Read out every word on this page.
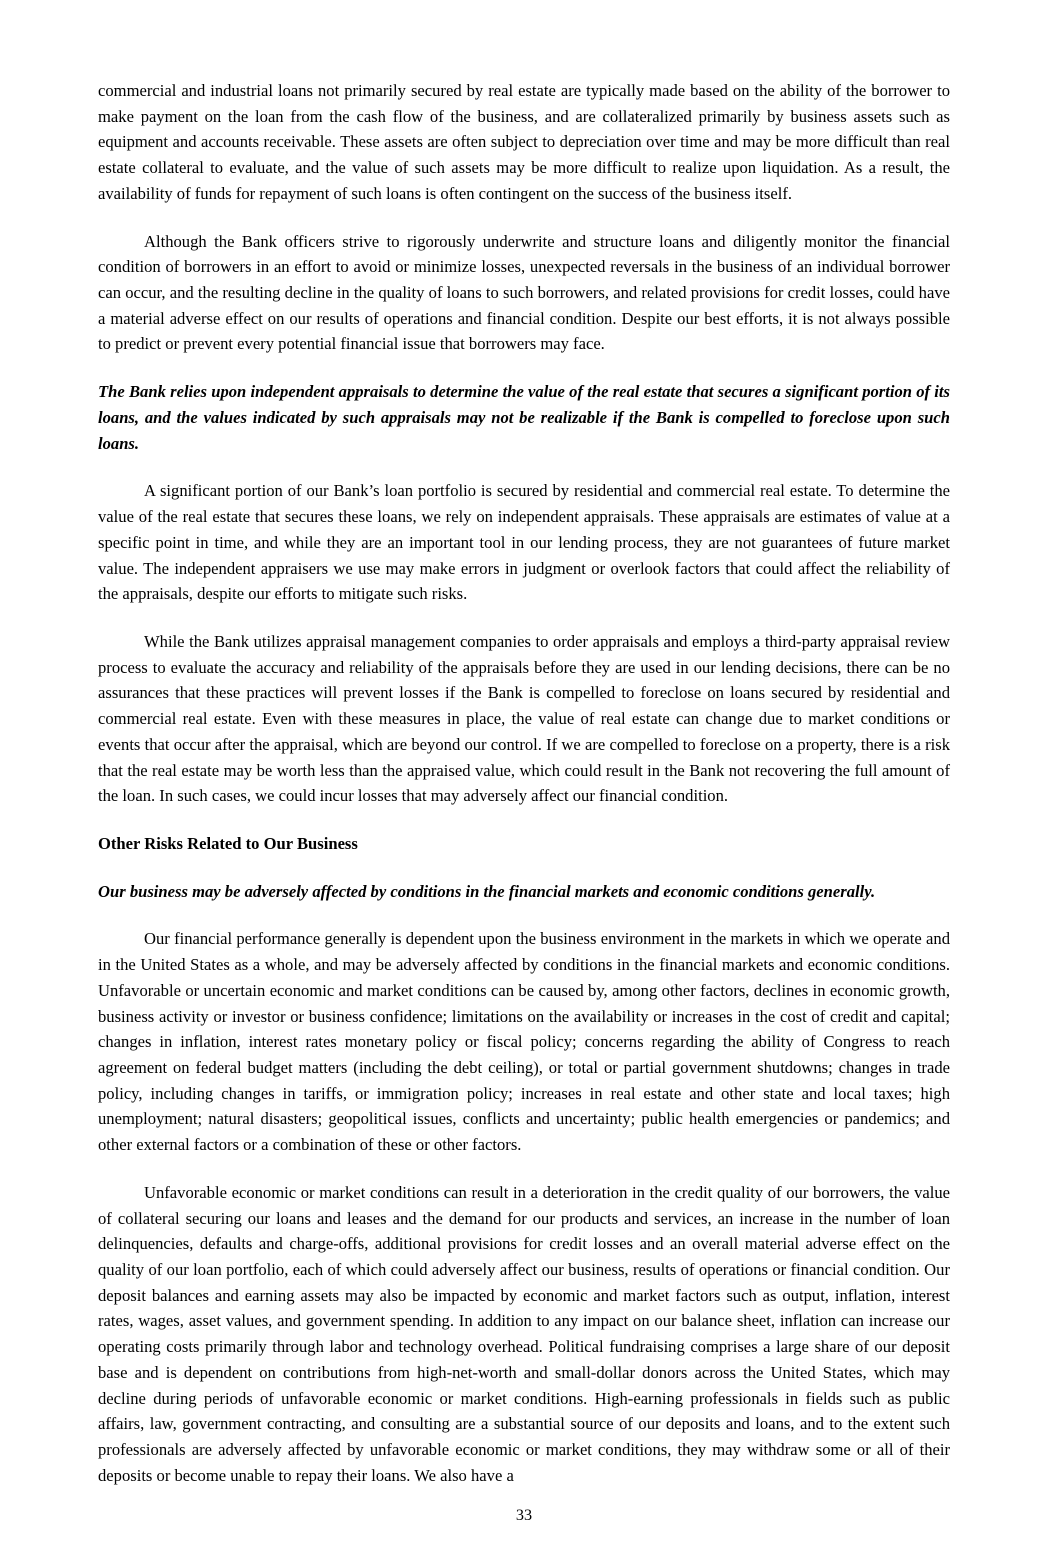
commercial and industrial loans not primarily secured by real estate are typically made based on the ability of the borrower to make payment on the loan from the cash flow of the business, and are collateralized primarily by business assets such as equipment and accounts receivable. These assets are often subject to depreciation over time and may be more difficult than real estate collateral to evaluate, and the value of such assets may be more difficult to realize upon liquidation. As a result, the availability of funds for repayment of such loans is often contingent on the success of the business itself.

Although the Bank officers strive to rigorously underwrite and structure loans and diligently monitor the financial condition of borrowers in an effort to avoid or minimize losses, unexpected reversals in the business of an individual borrower can occur, and the resulting decline in the quality of loans to such borrowers, and related provisions for credit losses, could have a material adverse effect on our results of operations and financial condition. Despite our best efforts, it is not always possible to predict or prevent every potential financial issue that borrowers may face.

The Bank relies upon independent appraisals to determine the value of the real estate that secures a significant portion of its loans, and the values indicated by such appraisals may not be realizable if the Bank is compelled to foreclose upon such loans.

A significant portion of our Bank’s loan portfolio is secured by residential and commercial real estate. To determine the value of the real estate that secures these loans, we rely on independent appraisals. These appraisals are estimates of value at a specific point in time, and while they are an important tool in our lending process, they are not guarantees of future market value. The independent appraisers we use may make errors in judgment or overlook factors that could affect the reliability of the appraisals, despite our efforts to mitigate such risks.

While the Bank utilizes appraisal management companies to order appraisals and employs a third-party appraisal review process to evaluate the accuracy and reliability of the appraisals before they are used in our lending decisions, there can be no assurances that these practices will prevent losses if the Bank is compelled to foreclose on loans secured by residential and commercial real estate. Even with these measures in place, the value of real estate can change due to market conditions or events that occur after the appraisal, which are beyond our control. If we are compelled to foreclose on a property, there is a risk that the real estate may be worth less than the appraised value, which could result in the Bank not recovering the full amount of the loan. In such cases, we could incur losses that may adversely affect our financial condition.

Other Risks Related to Our Business

Our business may be adversely affected by conditions in the financial markets and economic conditions generally.

Our financial performance generally is dependent upon the business environment in the markets in which we operate and in the United States as a whole, and may be adversely affected by conditions in the financial markets and economic conditions. Unfavorable or uncertain economic and market conditions can be caused by, among other factors, declines in economic growth, business activity or investor or business confidence; limitations on the availability or increases in the cost of credit and capital; changes in inflation, interest rates monetary policy or fiscal policy; concerns regarding the ability of Congress to reach agreement on federal budget matters (including the debt ceiling), or total or partial government shutdowns; changes in trade policy, including changes in tariffs, or immigration policy; increases in real estate and other state and local taxes; high unemployment; natural disasters; geopolitical issues, conflicts and uncertainty; public health emergencies or pandemics; and other external factors or a combination of these or other factors.

Unfavorable economic or market conditions can result in a deterioration in the credit quality of our borrowers, the value of collateral securing our loans and leases and the demand for our products and services, an increase in the number of loan delinquencies, defaults and charge-offs, additional provisions for credit losses and an overall material adverse effect on the quality of our loan portfolio, each of which could adversely affect our business, results of operations or financial condition. Our deposit balances and earning assets may also be impacted by economic and market factors such as output, inflation, interest rates, wages, asset values, and government spending. In addition to any impact on our balance sheet, inflation can increase our operating costs primarily through labor and technology overhead. Political fundraising comprises a large share of our deposit base and is dependent on contributions from high-net-worth and small-dollar donors across the United States, which may decline during periods of unfavorable economic or market conditions. High-earning professionals in fields such as public affairs, law, government contracting, and consulting are a substantial source of our deposits and loans, and to the extent such professionals are adversely affected by unfavorable economic or market conditions, they may withdraw some or all of their deposits or become unable to repay their loans. We also have a

33
